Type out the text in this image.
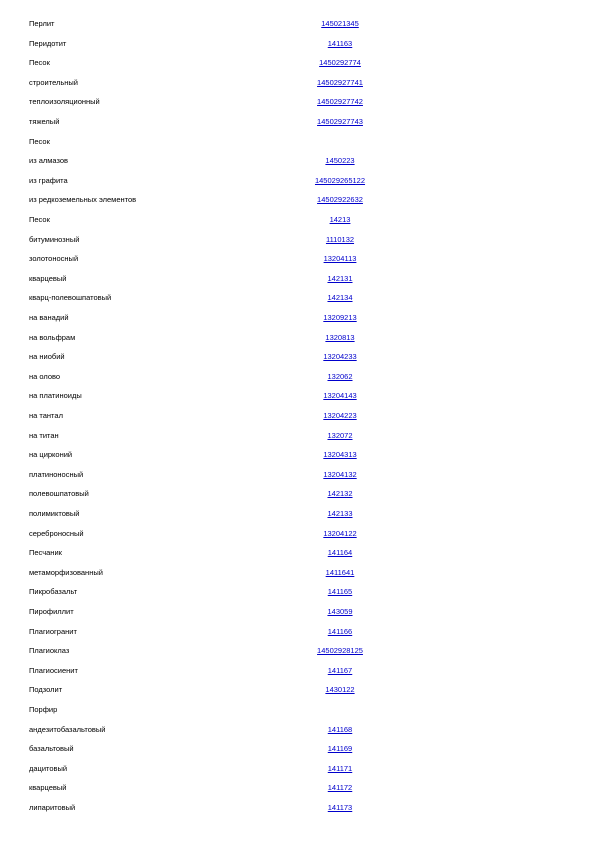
Перлит	145021345
Перидотит	141163
Песок	1450292774
строительный	14502927741
теплоизоляционный	14502927742
тяжелый	14502927743
Песок
из алмазов	1450223
из графита	145029265122
из редкоземельных элементов	14502922632
Песок	14213
битуминозный	1110132
золотоносный	13204113
кварцевый	142131
кварц-полевошпатовый	142134
на ванадий	13209213
на вольфрам	1320813
на ниобий	13204233
на олово	132062
на платиноиды	13204143
на тантал	13204223
на титан	132072
на цирконий	13204313
платиноносный	13204132
полевошпатовый	142132
полимиктовый	142133
сереброносный	13204122
Песчаник	141164
метаморфизованный	1411641
Пикробазальт	141165
Пирофиллит	143059
Плагиогранит	141166
Плагиоклаз	14502928125
Плагиосиенит	141167
Подзолит	1430122
Порфир
андезитобазальтовый	141168
базальтовый	141169
дацитовый	141171
кварцевый	141172
липаритовый	141173
